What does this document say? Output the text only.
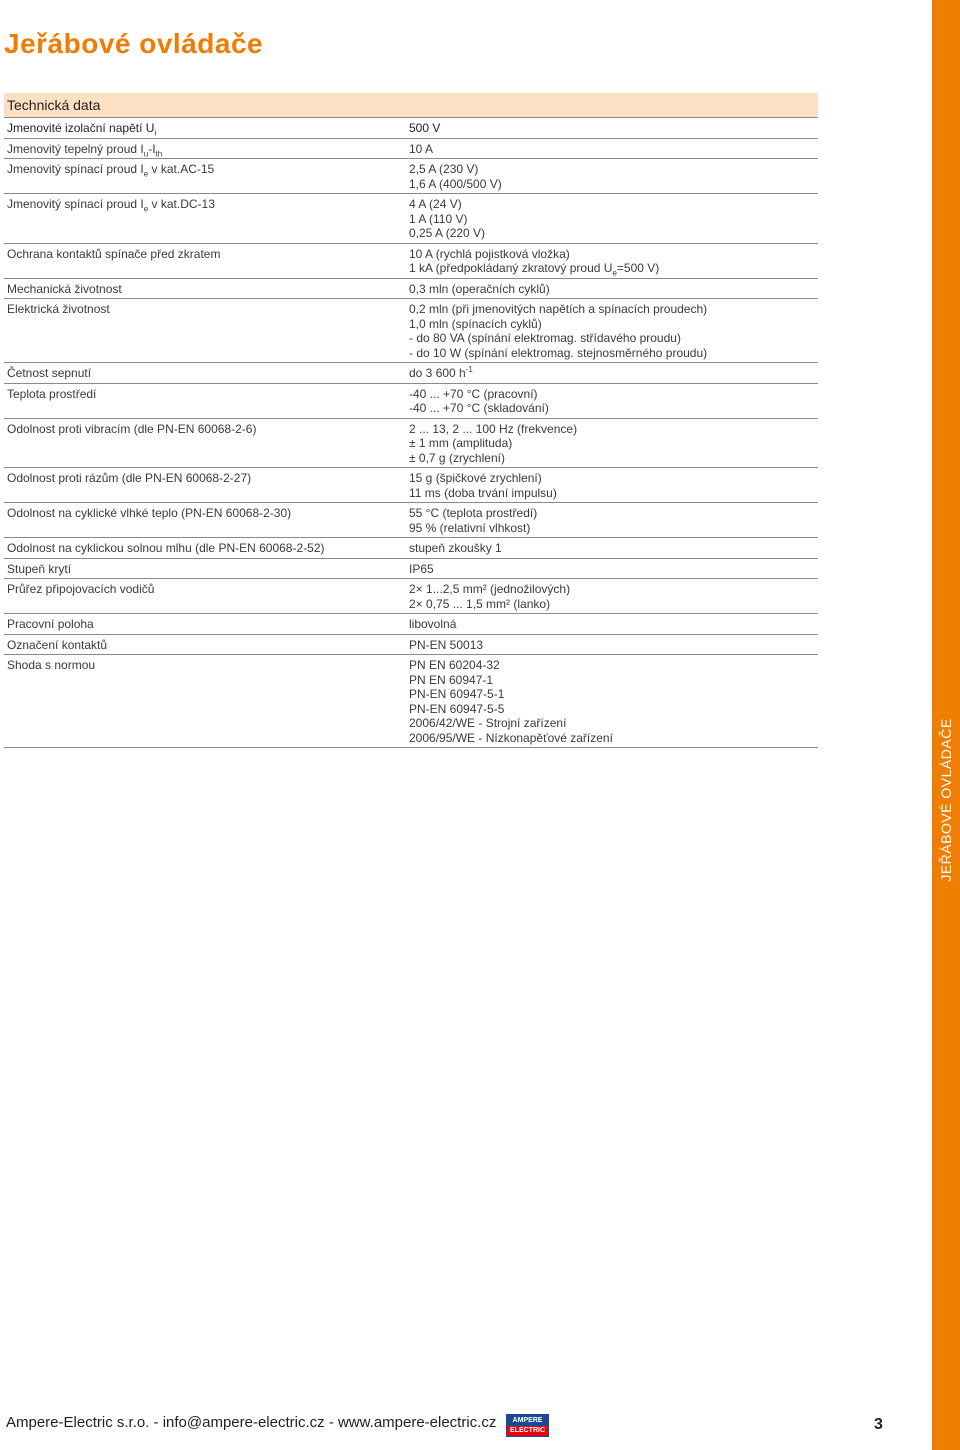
Jeřábové ovládače
JEŘÁBOVÉ OVLÁDAČE
Technická data
Jmenovité izolační napětí $U_i$	500 V
Jmenovitý tepelný proud $I_u-I_{th}$	10 A
Jmenovitý spínací proud $I_e$ v kat.AC-15	2,5 A (230 V)
1,6 A (400/500 V)
Jmenovitý spínací proud $I_e$ v kat.DC-13	4 A (24 V)
1 A (110 V)
0,25 A (220 V)
Ochrana kontaktů spínače před zkratem	10 A (rychlá pojistková vložka)
1 kA (předpokládaný zkratový proud $U_e=500$ V)
Mechanická životnost	0,3 mln (operačních cyklů)
Elektrická životnost	0,2 mln (při jmenovitých napětích a spínacích proudech)
1,0 mln (spínacích cyklů)
- do 80 VA (spínání elektromag. střídavého proudu)
- do 10 W (spínání elektromag. stejnosměrného proudu)
Četnost sepnutí	do 3 600 $h^{-1}$
Teplota prostředí	-40 ... +70 °C (pracovní)
-40 ... +70 °C (skladování)
Odolnost proti vibracím (dle PN-EN 60068-2-6)	2 ... 13, 2 ... 100 Hz (frekvence)
± 1 mm (amplituda)
± 0,7 g (zrychlení)
Odolnost proti rázům (dle PN-EN 60068-2-27)	15 g (špičkové zrychlení)
11 ms (doba trvání impulsu)
Odolnost na cyklické vlhké teplo (PN-EN 60068-2-30)	55 °C (teplota prostředí)
95 % (relativní vlhkost)
Odolnost na cyklickou solnou mlhu (dle PN-EN 60068-2-52)	stupeň zkoušky 1
Stupeň krytí	IP65
Průřez připojovacích vodičů	2× 1...2,5 mm² (jednožilových)
2× 0,75 ... 1,5 mm² (lanko)
Pracovní poloha	libovolná
Označení kontaktů	PN-EN 50013
Shoda s normou	PN EN 60204-32
PN EN 60947-1
PN-EN 60947-5-1
PN-EN 60947-5-5
2006/42/WE - Strojní zařízení
2006/95/WE - Nízkonapěťové zařízení
Ampere-Electric s.r.o. - info@ampere-electric.cz - www.ampere-electric.cz	AMPERE
ELECTRIC	3
